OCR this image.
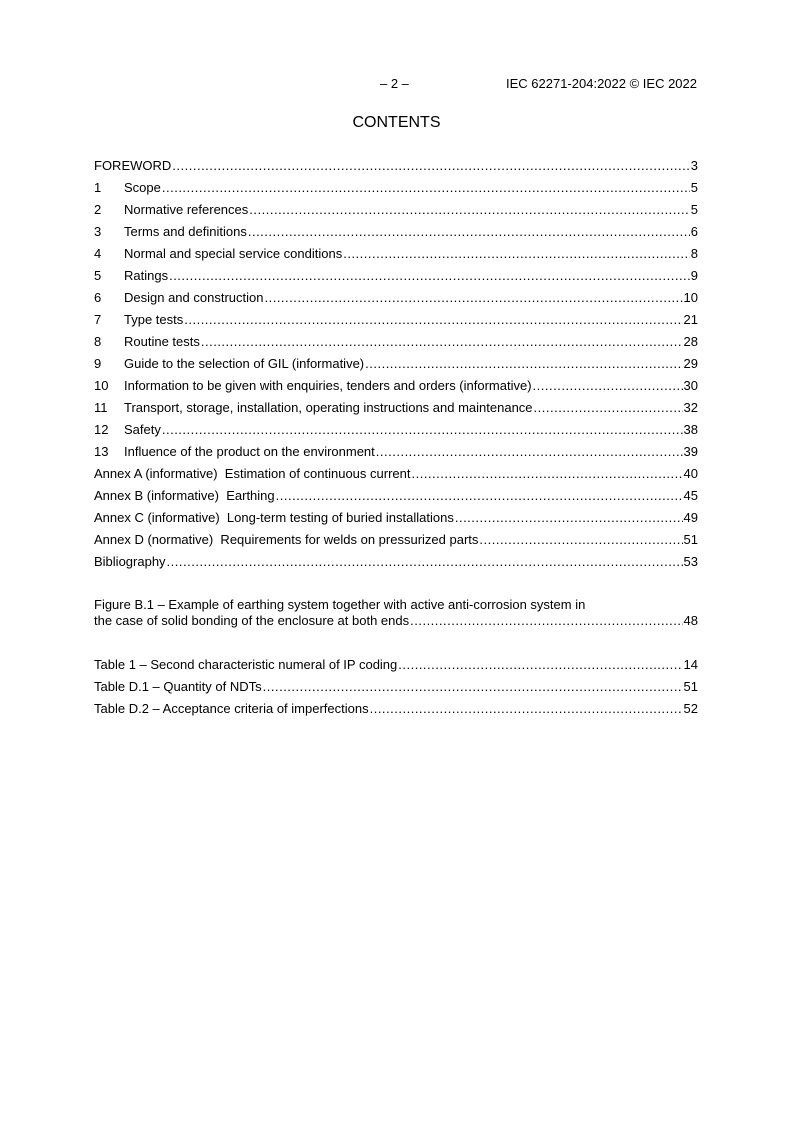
– 2 –	IEC 62271-204:2022 © IEC 2022
CONTENTS
FOREWORD .....	3
1	Scope .....	5
2	Normative references .....	5
3	Terms and definitions .....	6
4	Normal and special service conditions .....	8
5	Ratings .....	9
6	Design and construction .....	10
7	Type tests .....	21
8	Routine tests .....	28
9	Guide to the selection of GIL (informative) .....	29
10	Information to be given with enquiries, tenders and orders (informative) .....	30
11	Transport, storage, installation, operating instructions and maintenance .....	32
12	Safety .....	38
13	Influence of the product on the environment .....	39
Annex A (informative)  Estimation of continuous current .....	40
Annex B (informative)  Earthing .....	45
Annex C (informative)  Long-term testing of buried installations .....	49
Annex D (normative)  Requirements for welds on pressurized parts .....	51
Bibliography .....	53
Figure B.1 – Example of earthing system together with active anti-corrosion system in
the case of solid bonding of the enclosure at both ends .....	48
Table 1 – Second characteristic numeral of IP coding .....	14
Table D.1 – Quantity of NDTs .....	51
Table D.2 – Acceptance criteria of imperfections .....	52
